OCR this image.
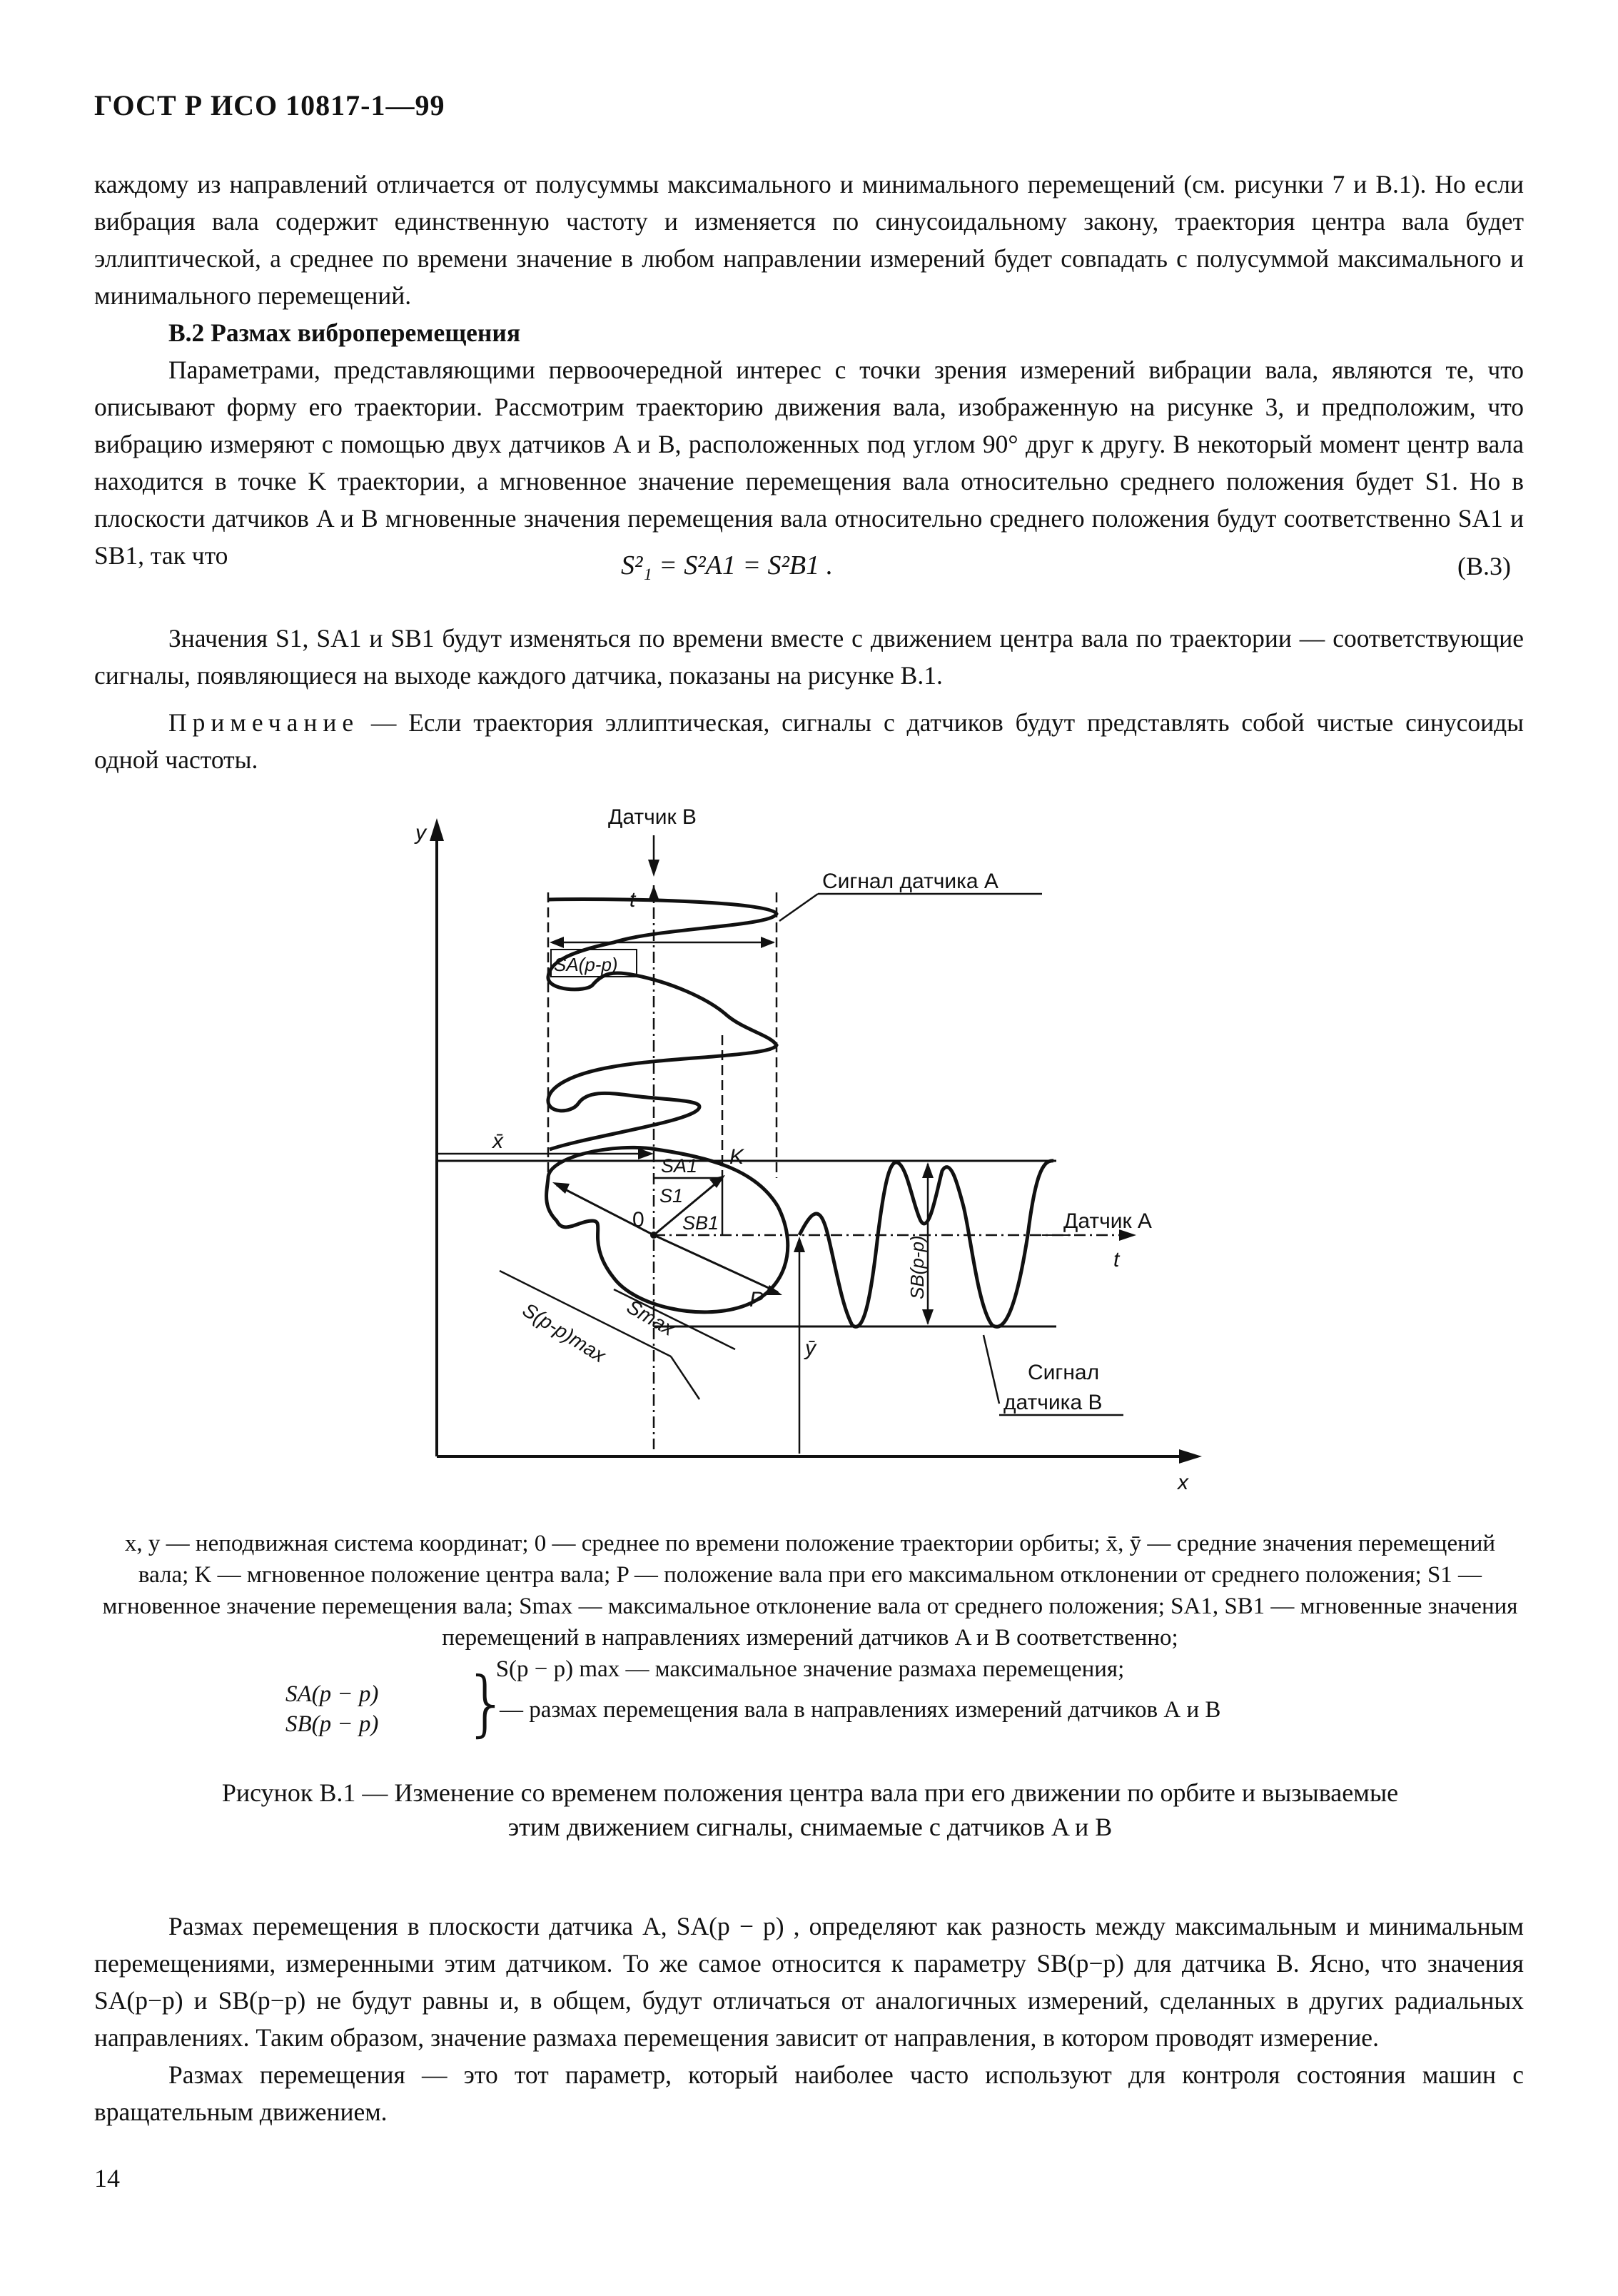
ГОСТ Р ИСО 10817-1—99

каждому из направлений отличается от полусуммы максимального и минимального перемещений (см. рисунки 7 и В.1). Но если вибрация вала содержит единственную частоту и изменяется по синусоидальному закону, траектория центра вала будет эллиптической, а среднее по времени значение в любом направлении измерений будет совпадать с полусуммой максимального и минимального перемещений.

В.2 Размах виброперемещения

Параметрами, представляющими первоочередной интерес с точки зрения измерений вибрации вала, являются те, что описывают форму его траектории. Рассмотрим траекторию движения вала, изображенную на рисунке 3, и предположим, что вибрацию измеряют с помощью двух датчиков A и B, расположенных под углом 90° друг к другу. В некоторый момент центр вала находится в точке K траектории, а мгновенное значение перемещения вала относительно среднего положения будет S1. Но в плоскости датчиков A и B мгновенные значения перемещения вала относительно среднего положения будут соответственно SA1 и SB1, так что	S²₁ = S²A1 = S²B1 .	(В.3)

Значения S1, SA1 и SB1 будут изменяться по времени вместе с движением центра вала по траектории — соответствующие сигналы, появляющиеся на выходе каждого датчика, показаны на рисунке В.1.

Примечание — Если траектория эллиптическая, сигналы с датчиков будут представлять собой чистые синусоиды одной частоты.

y
x
Датчик B
t
Сигнал датчика A
SA(p-p)
x̄
t
Датчик A
SA1 K
S1
SB1
0
P
Smax
S(p-p)max
SB(p-p)
ȳ
Сигнал
датчика B

x, y — неподвижная система координат; 0 — среднее по времени положение траектории орбиты; x̄, ȳ — средние значения перемещений вала; K — мгновенное положение центра вала; P — положение вала при его максимальном отклонении от среднего положения; S1 — мгновенное значение перемещения вала; Smax — максимальное отклонение вала от среднего положения; SA1, SB1 — мгновенные значения перемещений в направлениях измерений датчиков A и B соответственно;

S(p − p) max — максимальное значение размаха перемещения;

SA(p − p)
SB(p − p) }
— размах перемещения вала в направлениях измерений датчиков А и В

Рисунок В.1 — Изменение со временем положения центра вала при его движении по орбите и вызываемые

этим движением сигналы, снимаемые с датчиков A и B

Размах перемещения в плоскости датчика A, SA(p − p) , определяют как разность между максимальным и минимальным перемещениями, измеренными этим датчиком. То же самое относится к параметру SB(p−p) для датчика B. Ясно, что значения SA(p−p) и SB(p−p) не будут равны и, в общем, будут отличаться от аналогичных измерений, сделанных в других радиальных направлениях. Таким образом, значение размаха перемещения зависит от направления, в котором проводят измерение.

Размах перемещения — это тот параметр, который наиболее часто используют для контроля состояния машин с вращательным движением.

14
